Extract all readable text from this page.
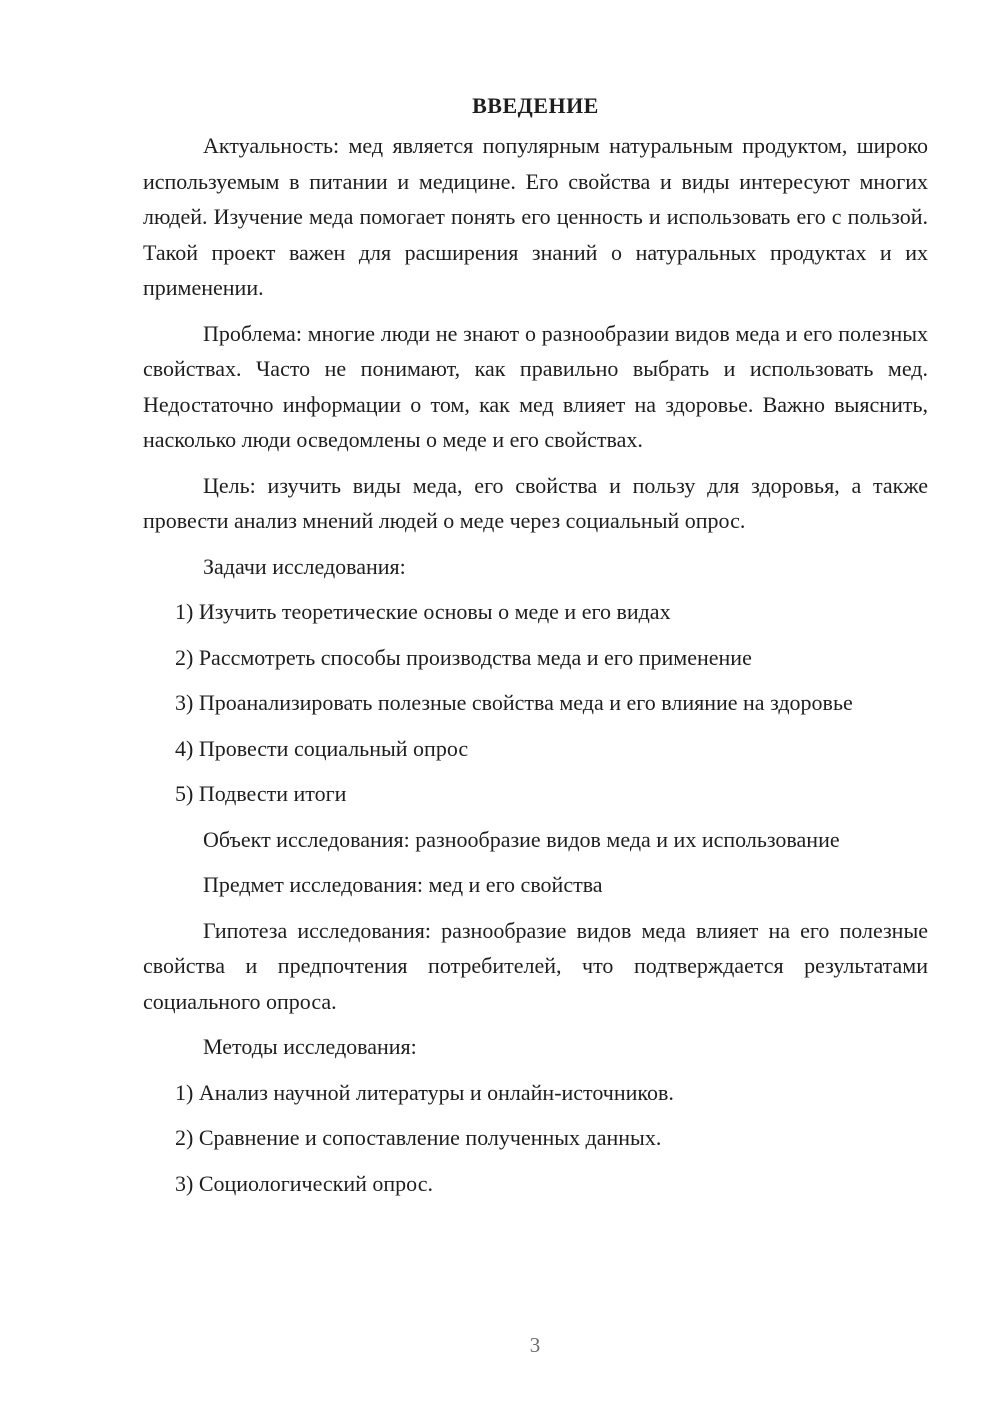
ВВЕДЕНИЕ

Актуальность: мед является популярным натуральным продуктом, широко используемым в питании и медицине. Его свойства и виды интересуют многих людей. Изучение меда помогает понять его ценность и использовать его с пользой. Такой проект важен для расширения знаний о натуральных продуктах и их применении.

Проблема: многие люди не знают о разнообразии видов меда и его полезных свойствах. Часто не понимают, как правильно выбрать и использовать мед. Недостаточно информации о том, как мед влияет на здоровье. Важно выяснить, насколько люди осведомлены о меде и его свойствах.

Цель: изучить виды меда, его свойства и пользу для здоровья, а также провести анализ мнений людей о меде через социальный опрос.

Задачи исследования:
1) Изучить теоретические основы о меде и его видах
2) Рассмотреть способы производства меда и его применение
3) Проанализировать полезные свойства меда и его влияние на здоровье
4) Провести социальный опрос
5) Подвести итоги
Объект исследования: разнообразие видов меда и их использование
Предмет исследования: мед и его свойства

Гипотеза исследования: разнообразие видов меда влияет на его полезные свойства и предпочтения потребителей, что подтверждается результатами социального опроса.

Методы исследования:
1) Анализ научной литературы и онлайн-источников.
2) Сравнение и сопоставление полученных данных.
3) Социологический опрос.
3
